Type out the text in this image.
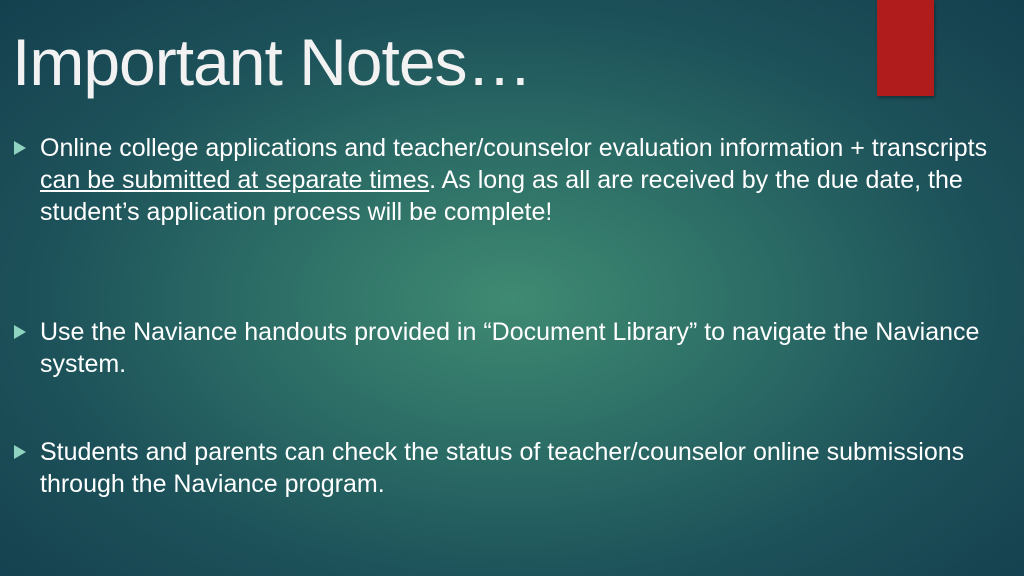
Important Notes…
Online college applications and teacher/counselor evaluation information + transcripts can be submitted at separate times. As long as all are received by the due date, the student’s application process will be complete!
Use the Naviance handouts provided in “Document Library” to navigate the Naviance system.
Students and parents can check the status of teacher/counselor online submissions through the Naviance program.
